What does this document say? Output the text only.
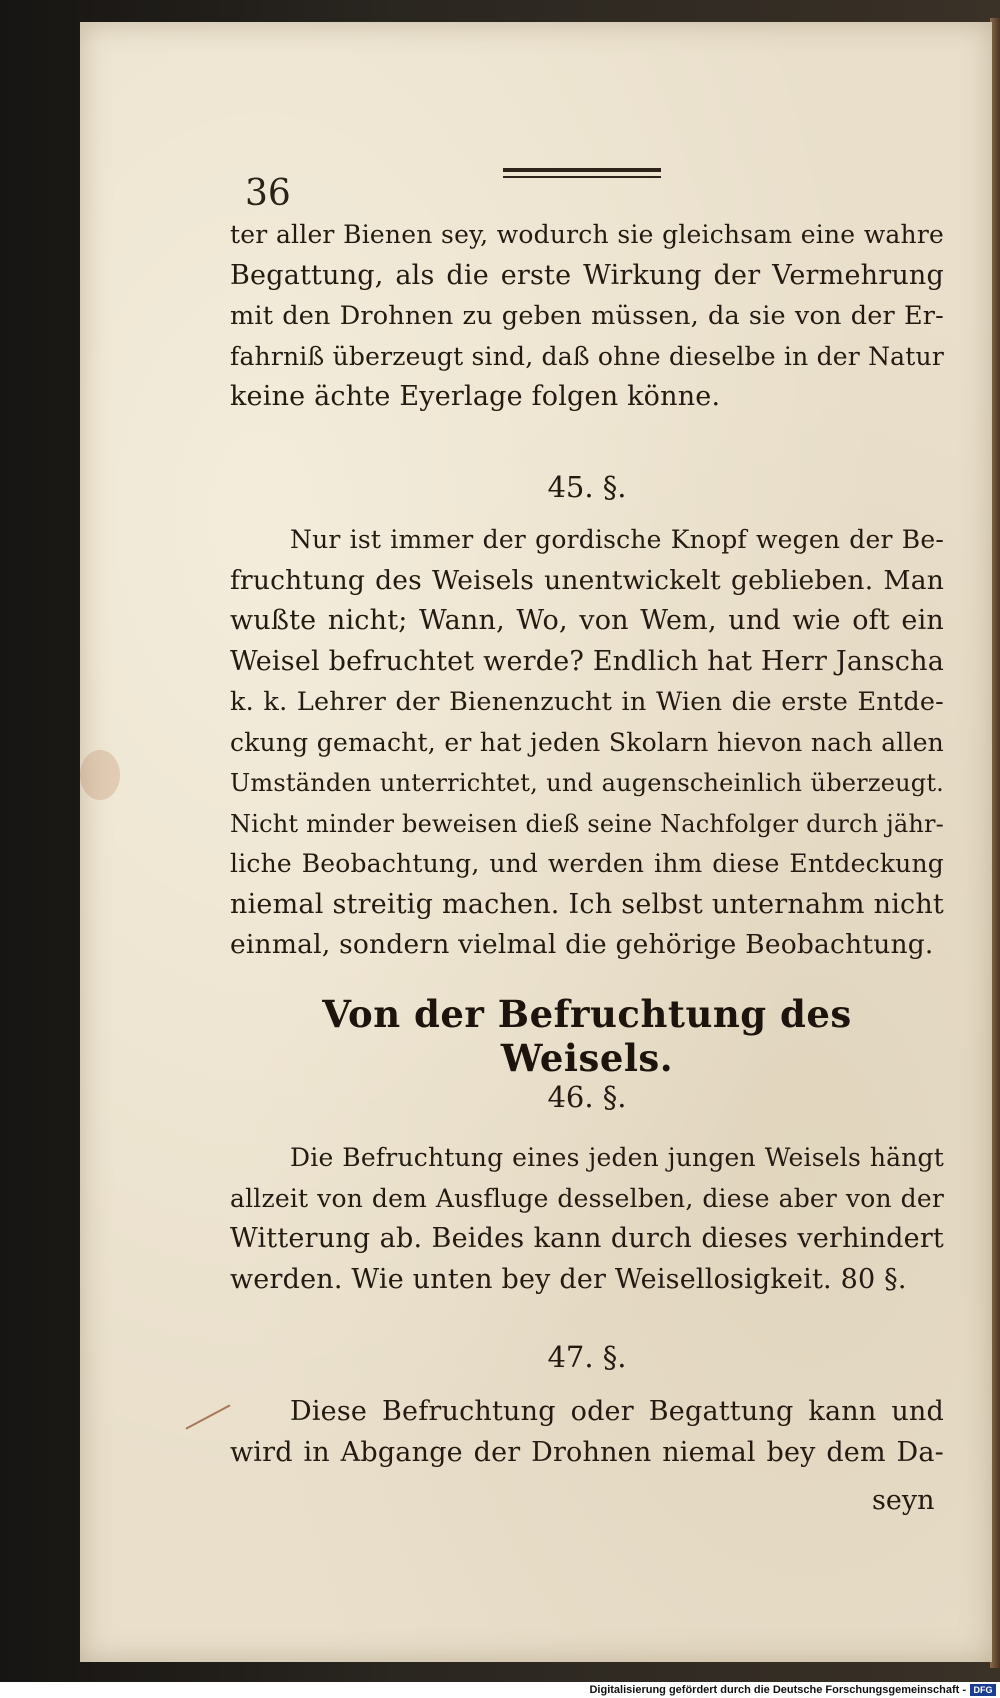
36
ter aller Bienen sey, wodurch sie gleichsam eine wahre
Begattung, als die erste Wirkung der Vermehrung
mit den Drohnen zu geben müssen, da sie von der Er-
fahrniß überzeugt sind, daß ohne dieselbe in der Natur
keine ächte Eyerlage folgen könne.
45. §.
Nur ist immer der gordische Knopf wegen der Be-
fruchtung des Weisels unentwickelt geblieben. Man
wußte nicht; Wann, Wo, von Wem, und wie oft ein
Weisel befruchtet werde? Endlich hat Herr Janscha
k. k. Lehrer der Bienenzucht in Wien die erste Entde-
ckung gemacht, er hat jeden Skolarn hievon nach allen
Umständen unterrichtet, und augenscheinlich überzeugt.
Nicht minder beweisen dieß seine Nachfolger durch jähr-
liche Beobachtung, und werden ihm diese Entdeckung
niemal streitig machen. Ich selbst unternahm nicht
einmal, sondern vielmal die gehörige Beobachtung.
Von der Befruchtung des Weisels.
46. §.
Die Befruchtung eines jeden jungen Weisels hängt
allzeit von dem Ausfluge desselben, diese aber von der
Witterung ab. Beides kann durch dieses verhindert
werden. Wie unten bey der Weisellosigkeit. 80 §.
47. §.
Diese Befruchtung oder Begattung kann und
wird in Abgange der Drohnen niemal bey dem Da-
seyn
Digitalisierung gefördert durch die Deutsche Forschungsgemeinschaft - DFG
